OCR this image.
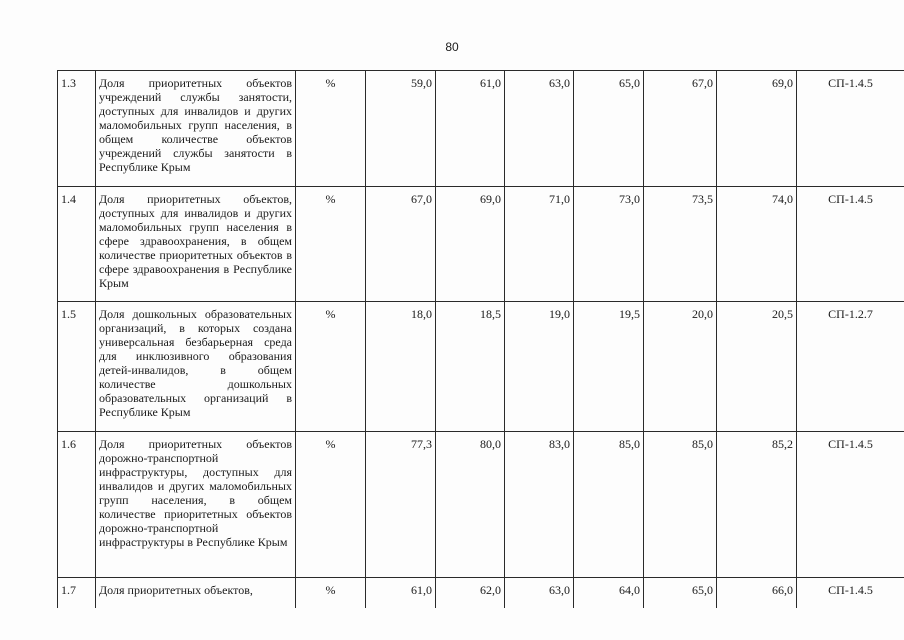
80
1.3	Доля приоритетных объектов учреждений службы занятости, доступных для инвалидов и других маломобильных групп населения, в общем количестве объектов учреждений службы занятости в Республике Крым	%	59,0	61,0	63,0	65,0	67,0	69,0	СП-1.4.5
1.4	Доля приоритетных объектов, доступных для инвалидов и других маломобильных групп населения в сфере здравоохранения, в общем количестве приоритетных объектов в сфере здравоохранения в Республике Крым	%	67,0	69,0	71,0	73,0	73,5	74,0	СП-1.4.5
1.5	Доля дошкольных образовательных организаций, в которых создана универсальная безбарьерная среда для инклюзивного образования детей-инвалидов, в общем количестве дошкольных образовательных организаций в Республике Крым	%	18,0	18,5	19,0	19,5	20,0	20,5	СП-1.2.7
1.6	Доля приоритетных объектов дорожно-транспортной инфраструктуры, доступных для инвалидов и других маломобильных групп населения, в общем количестве приоритетных объектов дорожно-транспортной инфраструктуры в Республике Крым	%	77,3	80,0	83,0	85,0	85,0	85,2	СП-1.4.5
1.7	Доля приоритетных объектов,	%	61,0	62,0	63,0	64,0	65,0	66,0	СП-1.4.5
